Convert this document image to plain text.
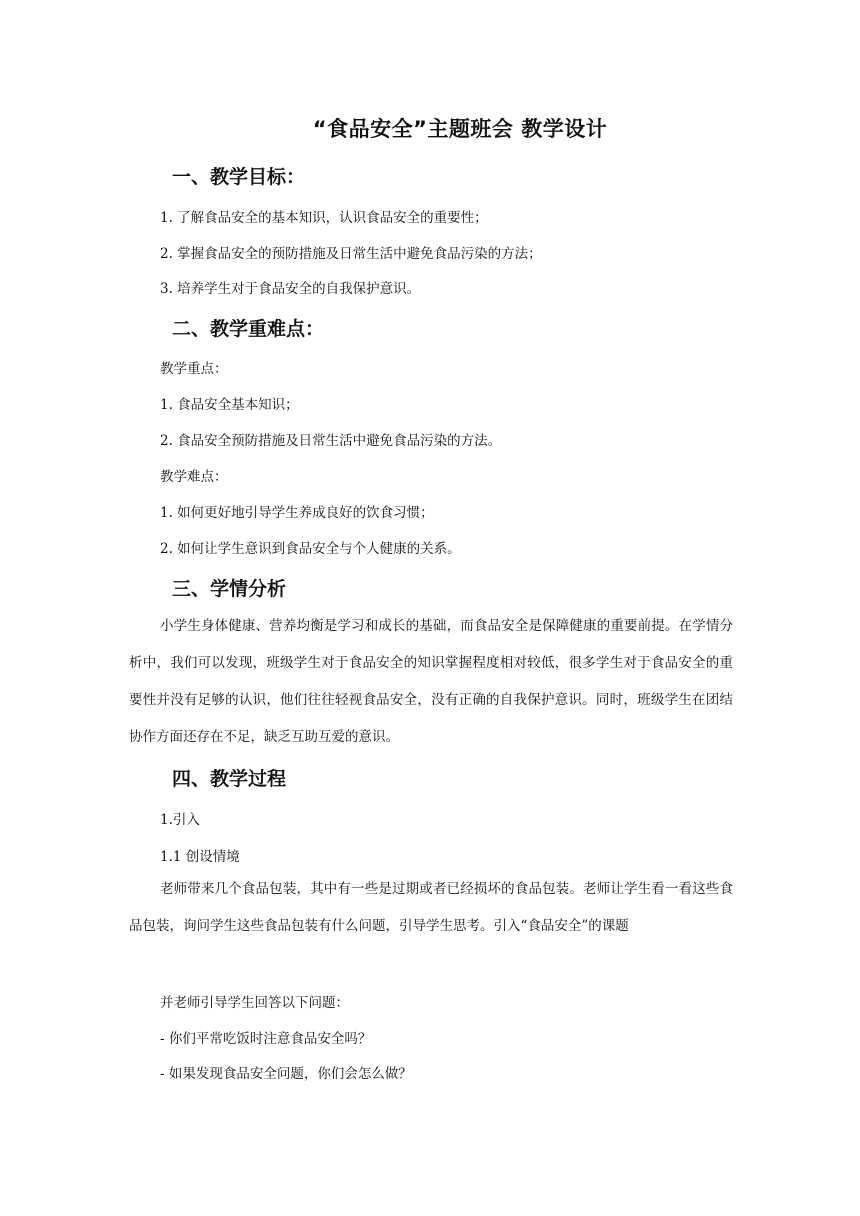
“食品安全”主题班会 教学设计
一、教学目标：
1. 了解食品安全的基本知识，认识食品安全的重要性；
2. 掌握食品安全的预防措施及日常生活中避免食品污染的方法；
3. 培养学生对于食品安全的自我保护意识。
二、教学重难点：
教学重点：
1. 食品安全基本知识；
2. 食品安全预防措施及日常生活中避免食品污染的方法。
教学难点：
1. 如何更好地引导学生养成良好的饮食习惯；
2. 如何让学生意识到食品安全与个人健康的关系。
三、学情分析
小学生身体健康、营养均衡是学习和成长的基础，而食品安全是保障健康的重要前提。在学情分析中，我们可以发现，班级学生对于食品安全的知识掌握程度相对较低，很多学生对于食品安全的重要性并没有足够的认识，他们往往轻视食品安全，没有正确的自我保护意识。同时，班级学生在团结协作方面还存在不足，缺乏互助互爱的意识。
四、教学过程
1.引入
1.1 创设情境
老师带来几个食品包装，其中有一些是过期或者已经损坏的食品包装。老师让学生看一看这些食品包装，询问学生这些食品包装有什么问题，引导学生思考。引入“食品安全”的课题
并老师引导学生回答以下问题：
- 你们平常吃饭时注意食品安全吗？
- 如果发现食品安全问题，你们会怎么做？
